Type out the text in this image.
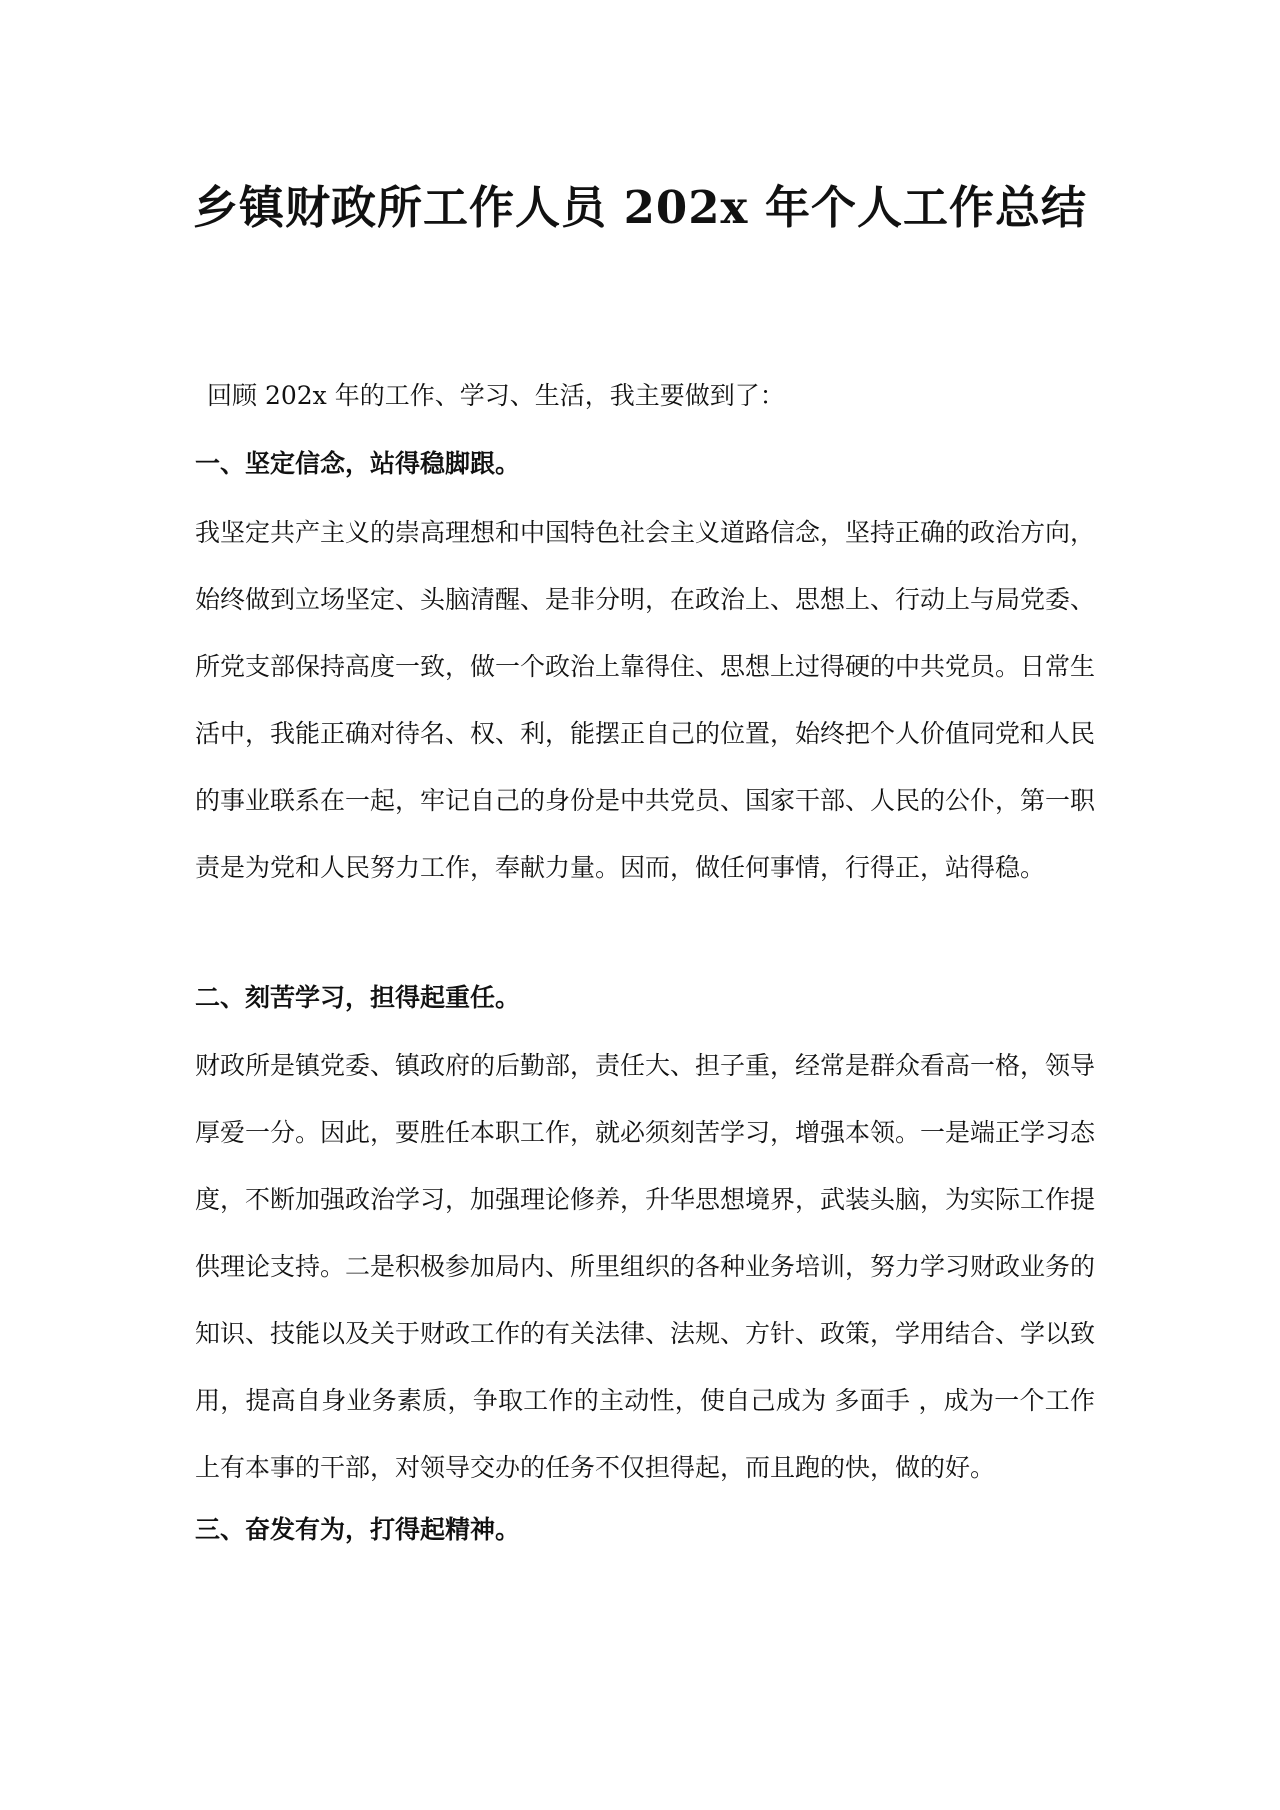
乡镇财政所工作人员 202x 年个人工作总结

回顾 202x 年的工作、学习、生活，我主要做到了：

一、坚定信念，站得稳脚跟。

我坚定共产主义的崇高理想和中国特色社会主义道路信念，坚持正确的政治方向，始终做到立场坚定、头脑清醒、是非分明，在政治上、思想上、行动上与局党委、所党支部保持高度一致，做一个政治上靠得住、思想上过得硬的中共党员。日常生活中，我能正确对待名、权、利，能摆正自己的位置，始终把个人价值同党和人民的事业联系在一起，牢记自己的身份是中共党员、国家干部、人民的公仆，第一职责是为党和人民努力工作，奉献力量。因而，做任何事情，行得正，站得稳。

二、刻苦学习，担得起重任。

财政所是镇党委、镇政府的后勤部，责任大、担子重，经常是群众看高一格，领导厚爱一分。因此，要胜任本职工作，就必须刻苦学习，增强本领。一是端正学习态度，不断加强政治学习，加强理论修养，升华思想境界，武装头脑，为实际工作提供理论支持。二是积极参加局内、所里组织的各种业务培训，努力学习财政业务的知识、技能以及关于财政工作的有关法律、法规、方针、政策，学用结合、学以致用，提高自身业务素质，争取工作的主动性，使自己成为 多面手 ，成为一个工作上有本事的干部，对领导交办的任务不仅担得起，而且跑的快，做的好。

三、奋发有为，打得起精神。
